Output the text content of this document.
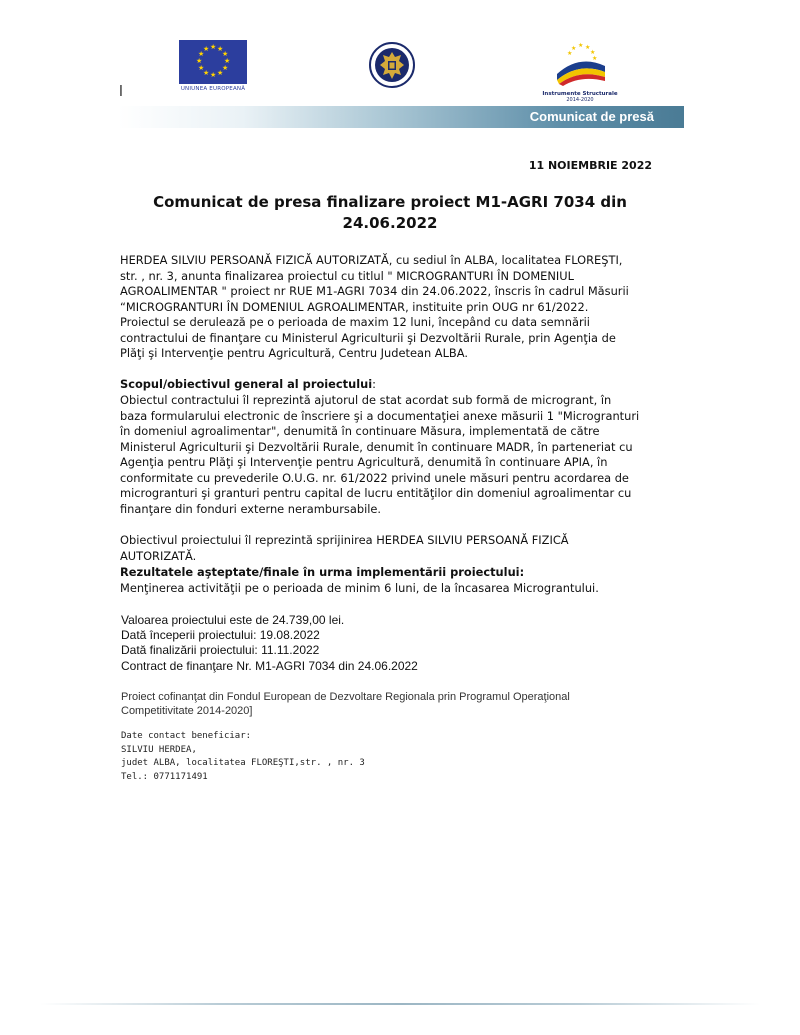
★ ★
★
★
★
★
★
★
★
★
★
★
UNIUNEA EUROPEANĂ
★ ★ ★
★
★
★
Instrumente Structurale
2014-2020
l
Comunicat de presă
11 NOIEMBRIE 2022
Comunicat de presa finalizare proiect M1-AGRI 7034 din
24.06.2022

HERDEA SILVIU PERSOANĂ FIZICĂ AUTORIZATĂ, cu sediul în ALBA, localitatea FLOREŞTI,
str. , nr. 3, anunta finalizarea proiectul cu titlul " MICROGRANTURI ÎN DOMENIUL
AGROALIMENTAR " proiect nr RUE M1-AGRI 7034 din 24.06.2022, înscris în cadrul Măsurii
“MICROGRANTURI ÎN DOMENIUL AGROALIMENTAR, instituite prin OUG nr 61/2022.
Proiectul se derulează pe o perioada de maxim 12 luni, începând cu data semnării
contractului de finanţare cu Ministerul Agriculturii şi Dezvoltării Rurale, prin Agenţia de
Plăţi şi Intervenţie pentru Agricultură, Centru Judetean ALBA.

Scopul/obiectivul general al proiectului:

Obiectul contractului îl reprezintă ajutorul de stat acordat sub formă de microgrant, în
baza formularului electronic de înscriere şi a documentaţiei anexe măsurii 1 "Microgranturi
în domeniul agroalimentar", denumită în continuare Măsura, implementată de către
Ministerul Agriculturii şi Dezvoltării Rurale, denumit în continuare MADR, în parteneriat cu
Agenţia pentru Plăţi şi Intervenţie pentru Agricultură, denumită în continuare APIA, în
conformitate cu prevederile O.U.G. nr. 61/2022 privind unele măsuri pentru acordarea de
microgranturi şi granturi pentru capital de lucru entităţilor din domeniul agroalimentar cu
finanţare din fonduri externe nerambursabile.

Obiectivul proiectului îl reprezintă sprijinirea HERDEA SILVIU PERSOANĂ FIZICĂ
AUTORIZATĂ.

Rezultatele aşteptate/finale în urma implementării proiectului:

Menţinerea activităţii pe o perioada de minim 6 luni, de la încasarea Micrograntului.

Valoarea proiectului este de 24.739,00 lei.
Dată începerii proiectului: 19.08.2022
Dată finalizării proiectului: 11.11.2022
Contract de finanţare Nr. M1-AGRI 7034 din 24.06.2022
Proiect cofinanţat din Fondul European de Dezvoltare Regionala prin Programul Operaţional
Competitivitate 2014-2020]
Date contact beneficiar:
SILVIU HERDEA,
judet ALBA, localitatea FLOREŞTI,str. , nr. 3
Tel.: 0771171491
